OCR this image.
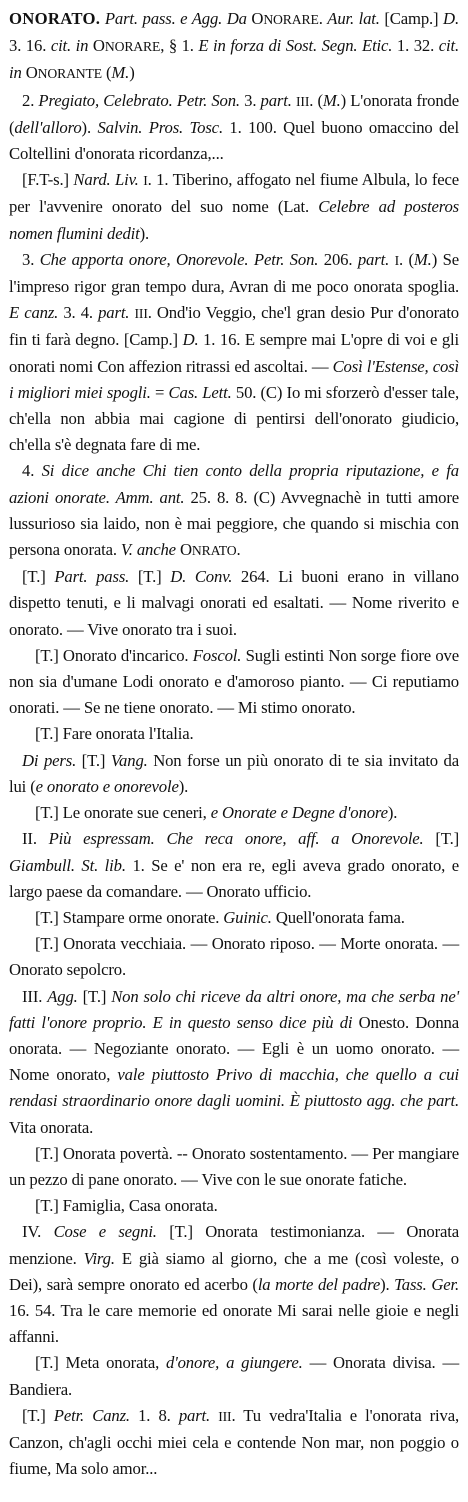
ONORATO. Part. pass. e Agg. Da ONORARE. Aur. lat. [Camp.] D. 3. 16. cit. in ONORARE, § 1. E in forza di Sost. Segn. Etic. 1. 32. cit. in ONORANTE (M.)

2. Pregiato, Celebrato. Petr. Son. 3. part. III. (M.) L'onorata fronde (dell'alloro). Salvin. Pros. Tosc. 1. 100. Quel buono omaccino del Coltellini d'onorata ricordanza,...

[F.T-s.] Nard. Liv. I. 1. Tiberino, affogato nel fiume Albula, lo fece per l'avvenire onorato del suo nome (Lat. Celebre ad posteros nomen flumini dedit).

3. Che apporta onore, Onorevole. Petr. Son. 206. part. I. (M.) Se l'impreso rigor gran tempo dura, Avran di me poco onorata spoglia. E canz. 3. 4. part. III. Ond'io Veggio, che'l gran desio Pur d'onorato fin ti farà degno. [Camp.] D. 1. 16. E sempre mai L'opre di voi e gli onorati nomi Con affezion ritrassi ed ascoltai. — Così l'Estense, così i migliori miei spogli. = Cas. Lett. 50. (C) Io mi sforzerò d'esser tale, ch'ella non abbia mai cagione di pentirsi dell'onorato giudicio, ch'ella s'è degnata fare di me.

4. Si dice anche Chi tien conto della propria riputazione, e fa azioni onorate. Amm. ant. 25. 8. 8. (C) Avvegnachè in tutti amore lussurioso sia laido, non è mai peggiore, che quando si mischia con persona onorata. V. anche ONRATO.

[T.] Part. pass. [T.] D. Conv. 264. Li buoni erano in villano dispetto tenuti, e li malvagi onorati ed esaltati. — Nome riverito e onorato. — Vive onorato tra i suoi.

[T.] Onorato d'incarico. Foscol. Sugli estinti Non sorge fiore ove non sia d'umane Lodi onorato e d'amoroso pianto. — Ci reputiamo onorati. — Se ne tiene onorato. — Mi stimo onorato.

[T.] Fare onorata l'Italia.

Di pers. [T.] Vang. Non forse un più onorato di te sia invitato da lui (e onorato e onorevole).

[T.] Le onorate sue ceneri, e Onorate e Degne d'onore).

II. Più espressam. Che reca onore, aff. a Onorevole. [T.] Giambull. St. lib. 1. Se e' non era re, egli aveva grado onorato, e largo paese da comandare. — Onorato ufficio.

[T.] Stampare orme onorate. Guinic. Quell'onorata fama.

[T.] Onorata vecchiaia. — Onorato riposo. — Morte onorata. — Onorato sepolcro.

III. Agg. [T.] Non solo chi riceve da altri onore, ma che serba ne' fatti l'onore proprio. E in questo senso dice più di Onesto. Donna onorata. — Negoziante onorato. — Egli è un uomo onorato. — Nome onorato, vale piuttosto Privo di macchia, che quello a cui rendasi straordinario onore dagli uomini. È piuttosto agg. che part. Vita onorata.

[T.] Onorata povertà. -- Onorato sostentamento. — Per mangiare un pezzo di pane onorato. — Vive con le sue onorate fatiche.

[T.] Famiglia, Casa onorata.

IV. Cose e segni. [T.] Onorata testimonianza. — Onorata menzione. Virg. E già siamo al giorno, che a me (così voleste, o Dei), sarà sempre onorato ed acerbo (la morte del padre). Tass. Ger. 16. 54. Tra le care memorie ed onorate Mi sarai nelle gioie e negli affanni.

[T.] Meta onorata, d'onore, a giungere. — Onorata divisa. — Bandiera.

[T.] Petr. Canz. 1. 8. part. III. Tu vedra'Italia e l'onorata riva, Canzon, ch'agli occhi miei cela e contende Non mar, non poggio o fiume, Ma solo amor...
